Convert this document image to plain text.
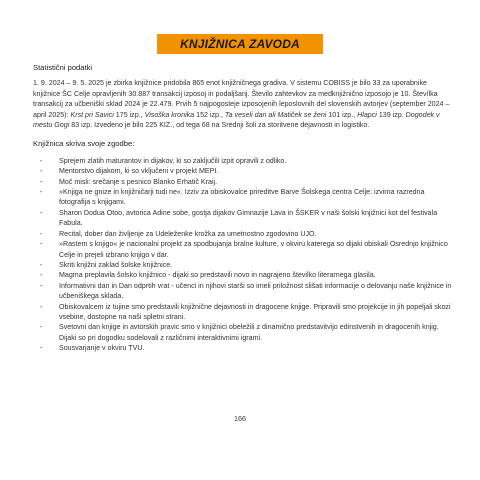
KNJIŽNICA ZAVODA
Statistični podatki

1. 9. 2024 – 9. 5. 2025 je zbirka knjižnice pridobila 865 enot knjižničnega gradiva. V sistemu COBISS je bilo 33 za uporabnike knjižnice ŠC Celje opravljenih 30.887 transakcij izposoj in podaljšanj. Število zahtevkov za medknjižnično izposojo je 10. Števílka transakcij za učbeniški sklad 2024 je 22.479. Prvih 5 najpogosteje izposojenih leposlovnih del slovenskih avtorjev (september 2024 – april 2025): Krst pri Savici 175 izp., Visoška kronika 152 izp., Ta veseli dan ali Matiček se ženi 101 izp., Hlapci 139 izp. Dogodek v mestu Gogi 83 izp. Izvedeno je bilo 225 KIZ., od tega 68 na Srednji šoli za storitvene dejavnosti in logistiko.

Knjižnica skriva svoje zgodbe:
- Sprejem zlatih maturantov in dijakov, ki so zaključili izpit opravili z odliko.
- Mentorstvo dijakom, ki so vključeni v projekt MEPI.
- Moč misli: srečanje s pesnico Blanko Erhatič Kraij.
- »Knjiga ne gnize in knjižničarji tudi ne«. Izziv za obiskovalce prireditve Barve Šolskega centra Celje: izvirna razredna fotografija s knjigami.
- Sharon Dodua Otoo, avtorica Adine sobe, gostja dijakov Gimnazije Lava in ŠSKER v naši šolski knjižnici kot del festivala Fabula.
- Recital, dober dan življenje za Udeleženke krožka za umetnostno zgodovino UJO.
- »Rastem s knjigo« je nacionalni projekt za spodbujanja bralne kulture, v okviru katerega so dijaki obiskali Osrednjo knjižnico Celje in prejeli izbrano knjigo v dar.
- Skriti knjižni zaklad šolske knjižnice.
- Magma preplavila šolsko knjižnico - dijaki so predstavili novo in nagrajeno številko literarnega glasila.
- Informativni dan in Dan odprtih vrat - učenci in njihovi starši so imeli priložnost slišati informacije o delovanju naše knjižnice in učbeniškega sklada.
- Obiskovalcem iz tujine smo predstavili knjižnične dejavnosti in dragocene knjige. Pripravili smo projekcije in jih popeljali skozi vsebine, dostopne na naši spletni strani.
- Svetovni dan knjige in avtorskih pravic smo v knjižnici obeležili z dinamično predstavitvijo edinstvenih in dragocenih knjig. Dijaki so pri dogodku sodelovali z različnimi interaktivnimi igrami.
- Sousvarjanje v okviru TVU.
166
